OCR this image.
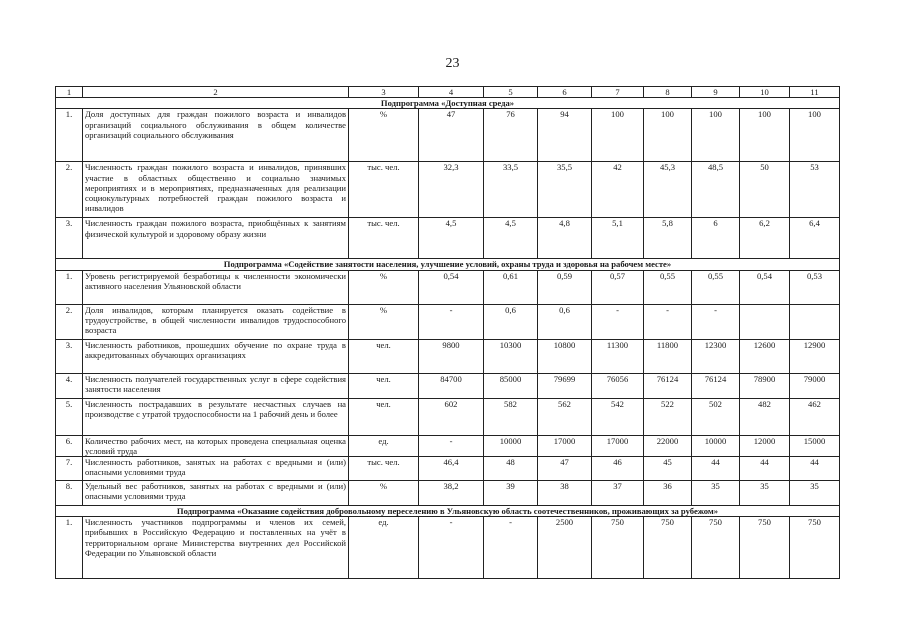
23
1	2	3	4	5	6	7	8	9	10	11
Подпрограмма «Доступная среда»										
1.	Доля доступных для граждан пожилого возраста и инвалидов организаций социального обслуживания в общем количестве организаций социального обслуживания	%	47	76	94	100	100	100	100	100
2.	Численность граждан пожилого возраста и инвалидов, принявших участие в областных общественно и социально значимых мероприятиях и в мероприятиях, предназначенных для реализации социокультурных потребностей граждан пожилого возраста и инвалидов	тыс. чел.	32,3	33,5	35,5	42	45,3	48,5	50	53
3.	Численность граждан пожилого возраста, приобщённых к занятиям физической культурой и здоровому образу жизни	тыс. чел.	4,5	4,5	4,8	5,1	5,8	6	6,2	6,4
Подпрограмма «Содействие занятости населения, улучшение условий, охраны труда и здоровья на рабочем месте»										
1.	Уровень регистрируемой безработицы к численности экономически активного населения Ульяновской области	%	0,54	0,61	0,59	0,57	0,55	0,55	0,54	0,53
2.	Доля инвалидов, которым планируется оказать содействие в трудоустройстве, в общей численности инвалидов трудоспособного возраста	%	-	0,6	0,6	-	-	-		
3.	Численность работников, прошедших обучение по охране труда в аккредитованных обучающих организациях	чел.	9800	10300	10800	11300	11800	12300	12600	12900
4.	Численность получателей государственных услуг в сфере содействия занятости населения	чел.	84700	85000	79699	76056	76124	76124	78900	79000
5.	Численность пострадавших в результате несчастных случаев на производстве с утратой трудоспособности на 1 рабочий день и более	чел.	602	582	562	542	522	502	482	462
6.	Количество рабочих мест, на которых проведена специальная оценка условий труда	ед.	-	10000	17000	17000	22000	10000	12000	15000
7.	Численность работников, занятых на работах с вредными и (или) опасными условиями труда	тыс. чел.	46,4	48	47	46	45	44	44	44
8.	Удельный вес работников, занятых на работах с вредными и (или) опасными условиями труда	%	38,2	39	38	37	36	35	35	35
Подпрограмма «Оказание содействия добровольному переселению в Ульяновскую область соотечественников, проживающих за рубежом»										
1.	Численность участников подпрограммы и членов их семей, прибывших в Российскую Федерацию и поставленных на учёт в территориальном органе Министерства внутренних дел Российской Федерации по Ульяновской области	ед.	-	-	2500	750	750	750	750	750
